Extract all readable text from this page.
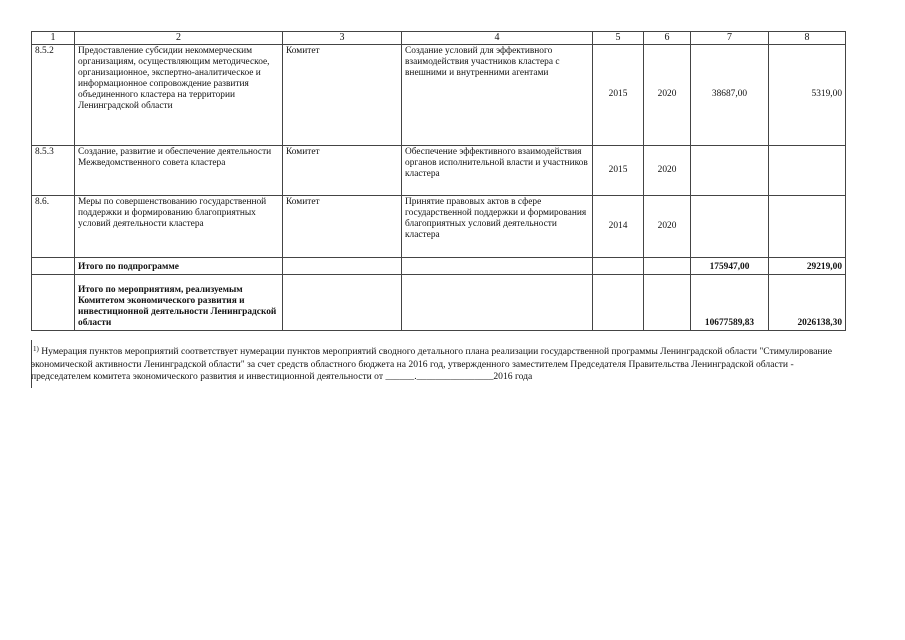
1	2	3	4	5	6	7	8
8.5.2	Предоставление субсидии некоммерческим организациям, осуществляющим методическое, организационное, экспертно-аналитическое и информационное сопровождение развития объединенного кластера на территории Ленинградской области	Комитет	Создание условий для эффективного взаимодействия участников кластера с внешними и внутренними агентами	2015	2020	38687,00	5319,00
8.5.3	Создание, развитие и обеспечение деятельности Межведомственного совета кластера	Комитет	Обеспечение эффективного взаимодействия органов исполнительной власти и участников кластера	2015	2020		
8.6.	Меры по совершенствованию государственной поддержки и формированию благоприятных условий деятельности кластера	Комитет	Принятие правовых актов в сфере государственной поддержки и формирования благоприятных условий деятельности кластера	2014	2020		
	Итого по подпрограмме					175947,00	29219,00
	Итого по мероприятиям, реализуемым Комитетом экономического развития и инвестиционной деятельности Ленинградской области					10677589,83	2026138,30
$^{1)}$ Нумерация пунктов мероприятий соответствует нумерации пунктов мероприятий сводного детального плана реализации государственной программы Ленинградской области "Стимулирование экономической активности Ленинградской области" за счет средств областного бюджета на 2016 год, утвержденного заместителем Председателя Правительства Ленинградской области - председателем комитета экономического развития и инвестиционной деятельности от ______.________________2016 года
